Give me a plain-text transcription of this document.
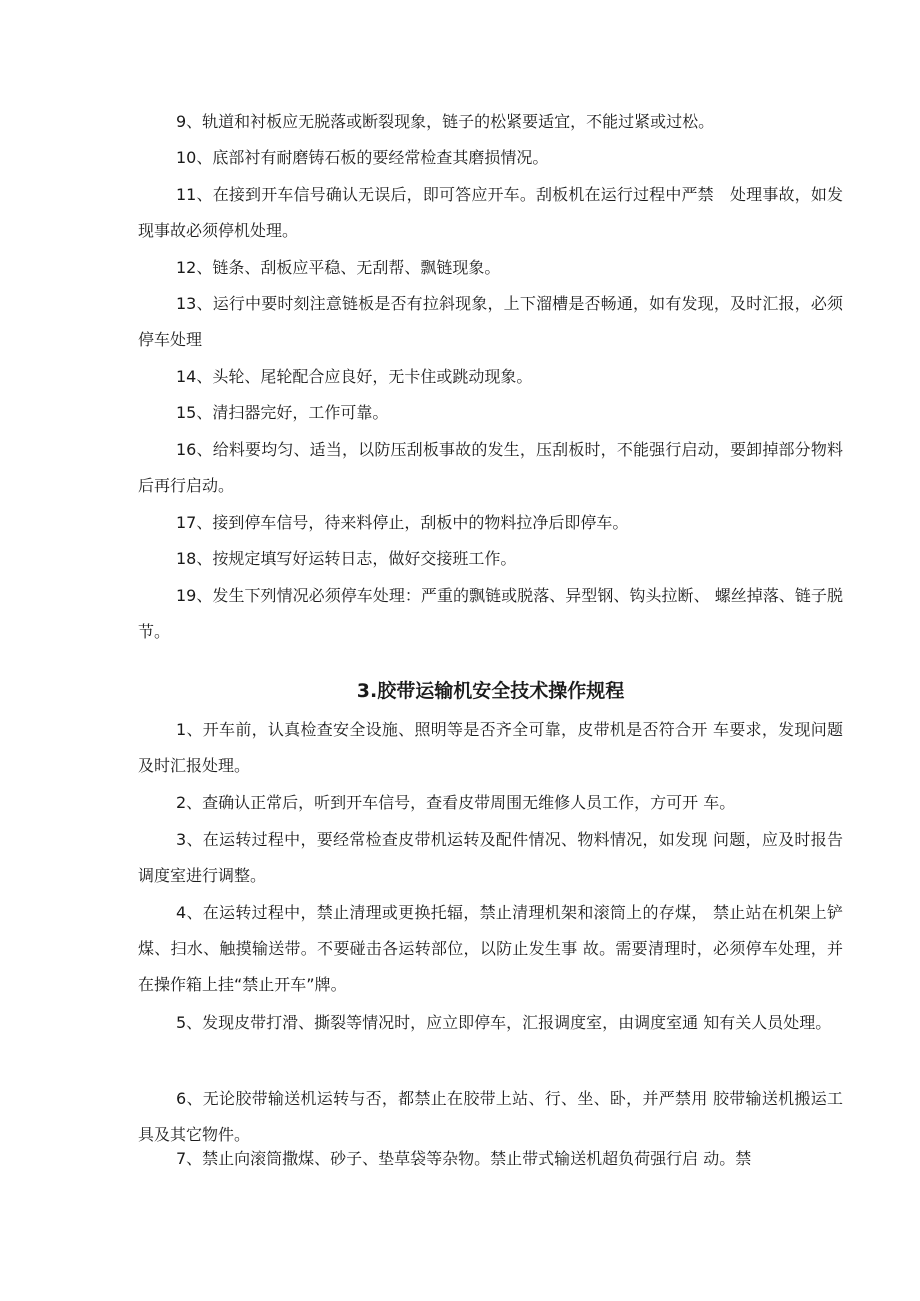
9、轨道和衬板应无脱落或断裂现象，链子的松紧要适宜，不能过紧或过松。

10、底部衬有耐磨铸石板的要经常检查其磨损情况。

11、在接到开车信号确认无误后，即可答应开车。刮板机在运行过程中严禁　处理事故，如发现事故必须停机处理。

12、链条、刮板应平稳、无刮帮、飘链现象。

13、运行中要时刻注意链板是否有拉斜现象，上下溜槽是否畅通，如有发现，及时汇报，必须停车处理

14、头轮、尾轮配合应良好，无卡住或跳动现象。

15、清扫器完好，工作可靠。

16、给料要均匀、适当，以防压刮板事故的发生，压刮板时，不能强行启动，要卸掉部分物料后再行启动。

17、接到停车信号，待来料停止，刮板中的物料拉净后即停车。

18、按规定填写好运转日志，做好交接班工作。

19、发生下列情况必须停车处理：严重的飘链或脱落、异型钢、钩头拉断、 螺丝掉落、链子脱节。

3.胶带运输机安全技术操作规程

1、开车前，认真检查安全设施、照明等是否齐全可靠，皮带机是否符合开 车要求，发现问题及时汇报处理。

2、查确认正常后，听到开车信号，查看皮带周围无维修人员工作，方可开 车。

3、在运转过程中，要经常检查皮带机运转及配件情况、物料情况，如发现 问题，应及时报告调度室进行调整。

4、在运转过程中，禁止清理或更换托辐，禁止清理机架和滚筒上的存煤， 禁止站在机架上铲煤、扫水、触摸输送带。不要碰击各运转部位，以防止发生事 故。需要清理时，必须停车处理，并在操作箱上挂“禁止开车”牌。

5、发现皮带打滑、撕裂等情况时，应立即停车，汇报调度室，由调度室通 知有关人员处理。

6、无论胶带输送机运转与否，都禁止在胶带上站、行、坐、卧，并严禁用 胶带输送机搬运工具及其它物件。

7、禁止向滚筒撒煤、砂子、垫草袋等杂物。禁止带式输送机超负荷强行启 动。禁
